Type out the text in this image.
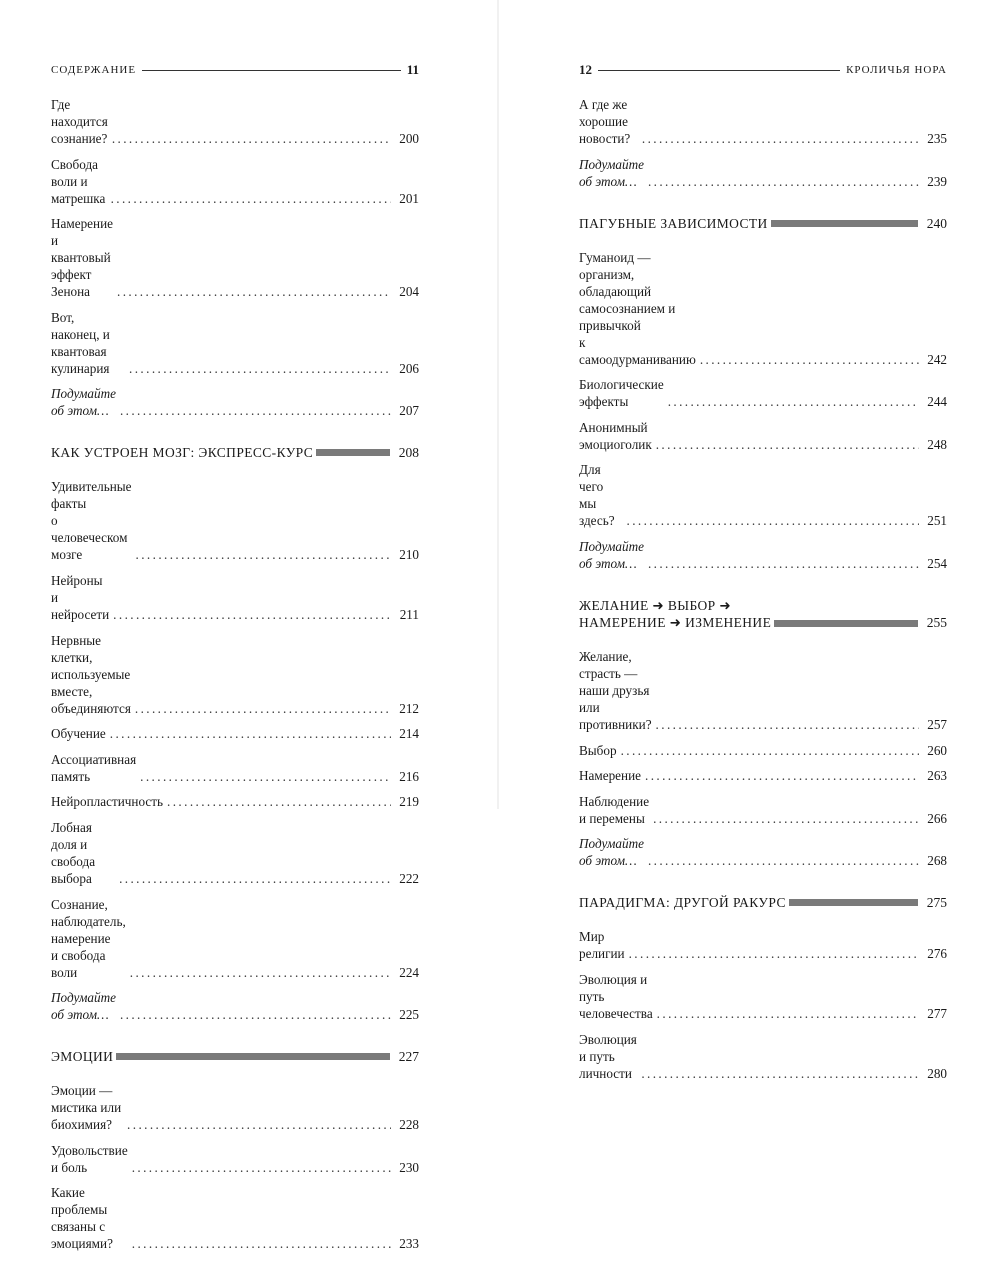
СОДЕРЖАНИЕ	11
Где находится сознание? .....	200
Свобода воли и матрешка .....	201
Намерение
и квантовый эффект Зенона .....	204
Вот, наконец, и квантовая кулинария .....	206
Подумайте об этом… .....	207
КАК УСТРОЕН МОЗГ: ЭКСПРЕСС-КУРС	208
Удивительные факты
о человеческом мозге .....	210
Нейроны и нейросети .....	211
Нервные клетки, используемые вместе,
объединяются .....	212
Обучение .....	214
Ассоциативная память .....	216
Нейропластичность .....	219
Лобная доля и свобода выбора .....	222
Сознание, наблюдатель, намерение
и свобода воли .....	224
Подумайте об этом… .....	225
ЭМОЦИИ	227
Эмоции — мистика или биохимия? .....	228
Удовольствие и боль .....	230
Какие проблемы связаны с эмоциями? .....	233
12	КРОЛИЧЬЯ НОРА
А где же хорошие новости? .....	235
Подумайте об этом… .....	239
ПАГУБНЫЕ ЗАВИСИМОСТИ	240
Гуманоид — организм, обладающий
самосознанием и привычкой
к самоодурманиванию .....	242
Биологические эффекты .....	244
Анонимный эмоциоголик .....	248
Для чего мы здесь? .....	251
Подумайте об этом… .....	254
ЖЕЛАНИЕ ➜ ВЫБОР ➜
НАМЕРЕНИЕ ➜ ИЗМЕНЕНИЕ	255
Желание, страсть — наши друзья
или противники? .....	257
Выбор .....	260
Намерение .....	263
Наблюдение и перемены .....	266
Подумайте об этом… .....	268
ПАРАДИГМА: ДРУГОЙ РАКУРС	275
Мир религии .....	276
Эволюция и путь человечества .....	277
Эволюция и путь личности .....	280
